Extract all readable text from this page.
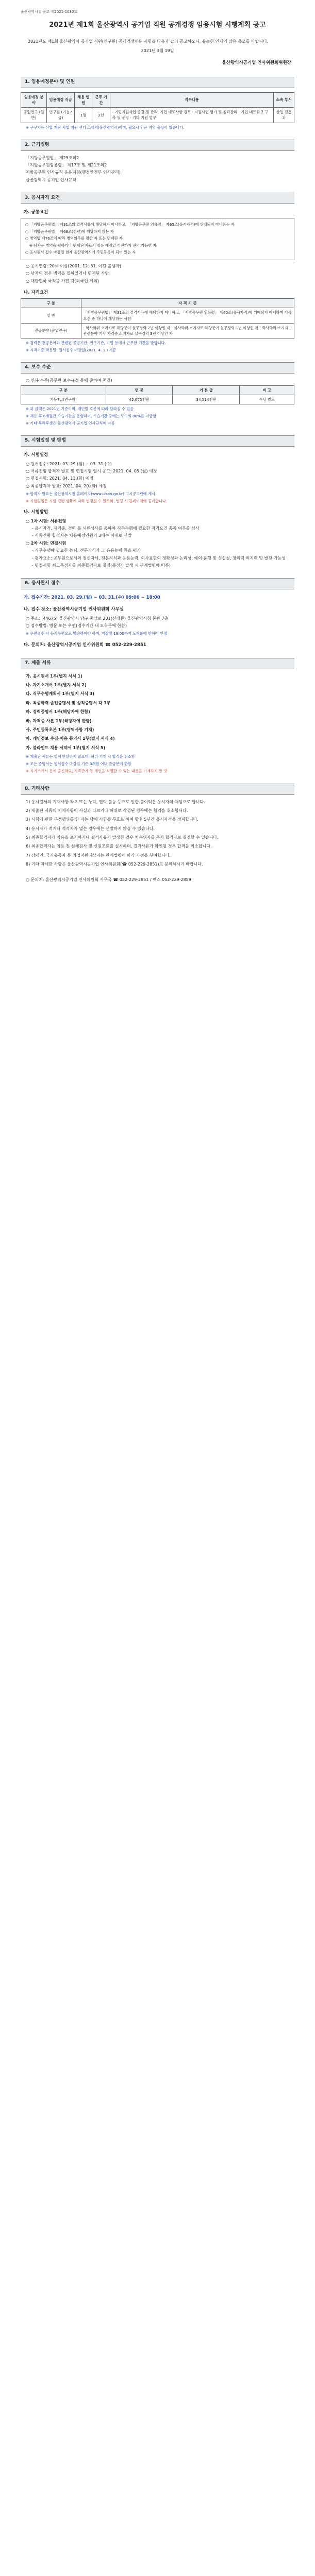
울산광역시청 공고 제2021-1030호
2021년 제1회 울산광역시 공기업 직원 공개경쟁 임용시험 시행계획 공고
2021년도 제1회 울산광역시 공기업 직원(연구원) 공개경쟁채용 시험을 다음과 같이 공고하오니, 유능한 인재의 많은 응모를 바랍니다.
2021년 3월 19일
울산광역시공기업 인사위원회위원장
1. 임용예정분야 및 인원
임용예정 분야	임용예정 직급	채용 인원	근무 기간	직무내용	소속 부서
공업연구 (일반)	연구원 (기능7급)	1명	2년	· 기업지원사업 총괄 및 관리, 기업 애로사항 검토 · 지원사업 평가 및 성과관리 · 기업 네트워크 구축 및 운영 · 기타 지원 업무	산업 진흥과
※ 근무지는 산업 재단 사업 지원 센터 소재지(울산광역시)이며, 필요시 인근 지역 출장이 있습니다.
2. 근거법령
「지방공무원법」 제25조의2
「지방공무원임용령」 제17조 및 제21조의2
지방공무원 인사규칙 운용지침(행정안전부 인사관리)
울산광역시 공기업 인사규칙
3. 응시자격 요건
가. 공통요건

○ 「지방공무원법」 제31조의 결격사유에 해당하지 아니하고, 「지방공무원 임용령」 제65조(응시자격)에 위배되지 아니하는 자

○ 「지방공무원법」 제66조(정년)에 해당하지 않는 자

○ 병역법 제76조에 따라 병역의무를 필한 자 또는 면제된 자

※ 남자는 병역을 필하거나 면제된 자로서 임용 예정일 이전까지 전역 가능한 자

○ 응시원서 접수 마감일 현재 울산광역시에 주민등록이 되어 있는 자

○ 응시연령: 20세 이상(2001. 12. 31. 이전 출생자)
○ 남자의 경우 병역을 필하였거나 면제된 사람
○ 대한민국 국적을 가진 자(외국인 제외)
나. 자격요건
구 분	자 격 기 준
일 반	「지방공무원법」 제31조의 결격사유에 해당하지 아니하고, 「지방공무원 임용령」 제65조(응시자격)에 위배되지 아니하며 다음 요건 중 하나에 해당하는 사람
전공분야 (공업연구)	· 학사학위 소지자로 해당분야 실무경력 2년 이상인 자 · 석사학위 소지자로 해당분야 실무경력 1년 이상인 자 · 박사학위 소지자 · 관련분야 기사 자격증 소지자로 실무경력 3년 이상인 자
※ 경력은 전공분야와 관련된 공공기관, 연구기관, 기업 등에서 근무한 기간을 말합니다.
※ 자격기준 적용일: 원서접수 마감일(2021. 4. 1.) 기준
4. 보수 수준
○ 연봉 수준(공무원 보수규정 등에 준하여 책정)
구 분	연 봉	기 본 급	비 고
기능7급(연구원)	42,675천원	34,514천원	수당 별도
※ 위 금액은 2021년 기준이며, 개인별 호봉에 따라 달라질 수 있음
※ 채용 후 6개월간 수습기간을 운영하며, 수습기간 중에는 보수의 80%를 지급함
※ 기타 복리후생은 울산광역시 공기업 인사규칙에 따름
5. 시험일정 및 방법
가. 시험일정
○ 원서접수: 2021. 03. 29.(월) ~ 03. 31.(수)
○ 서류전형 합격자 발표 및 면접시험 일시 공고: 2021. 04. 05.(월) 예정
○ 면접시험: 2021. 04. 13.(화) 예정
○ 최종합격자 발표: 2021. 04. 20.(화) 예정
※ 합격자 발표는 울산광역시청 홈페이지(www.ulsan.go.kr) 고시공고란에 게시
※ 시험일정은 시험 진행 상황에 따라 변경될 수 있으며, 변경 시 홈페이지에 공지합니다.
나. 시험방법
○ 1차 시험: 서류전형
- 응시자격, 자격증, 경력 등 서류심사를 통하여 직무수행에 필요한 자격요건 충족 여부를 심사
- 서류전형 합격자는 채용예정인원의 3배수 이내로 선발
○ 2차 시험: 면접시험
- 직무수행에 필요한 능력, 전문지식과 그 응용능력 등을 평가
- 평가요소: 공무원으로서의 정신자세, 전문지식과 응용능력, 의사표현의 정확성과 논리성, 예의·품행 및 성실성, 창의력·의지력 및 발전 가능성
- 면접시험 최고득점자를 최종합격자로 결정(동점자 발생 시 관계법령에 따름)
6. 응시원서 접수
가. 접수기간: 2021. 03. 29.(월) ~ 03. 31.(수) 09:00 ~ 18:00
나. 접수 장소: 울산광역시공기업 인사위원회 사무실
○ 주소: (44675) 울산광역시 남구 중앙로 201(신정동) 울산광역시청 본관 7층
○ 접수방법: 방문 또는 우편(접수기간 내 도착분에 한함)
※ 우편접수 시 등기우편으로 발송하여야 하며, 마감일 18:00까지 도착분에 한하여 인정
다. 문의처: 울산광역시공기업 인사위원회 ☎ 052-229-2851
7. 제출 서류
가. 응시원서 1부(별지 서식 1)
나. 자기소개서 1부(별지 서식 2)
다. 직무수행계획서 1부(별지 서식 3)
라. 최종학력 졸업증명서 및 성적증명서 각 1부
마. 경력증명서 1부(해당자에 한함)
바. 자격증 사본 1부(해당자에 한함)
사. 주민등록초본 1부(병역사항 기재)
아. 개인정보 수집·이용 동의서 1부(별지 서식 4)
자. 블라인드 채용 서약서 1부(별지 서식 5)
※ 제출된 서류는 일체 반환하지 않으며, 허위 기재 시 합격을 취소함
※ 모든 증명서는 원서접수 마감일 기준 3개월 이내 발급분에 한함
※ 자기소개서 등에 출신학교, 가족관계 등 개인을 식별할 수 있는 내용을 기재하지 말 것
8. 기타사항
1) 응시원서의 기재사항 착오 또는 누락, 연락 불능 등으로 인한 불이익은 응시자의 책임으로 합니다.
2) 제출된 서류의 기재사항이 사실과 다르거나 허위로 작성된 경우에는 합격을 취소합니다.
3) 시험에 관한 부정행위를 한 자는 당해 시험을 무효로 하며 향후 5년간 응시자격을 정지합니다.
4) 응시자가 적거나 적격자가 없는 경우에는 선발하지 않을 수 있습니다.
5) 최종합격자가 임용을 포기하거나 결격사유가 발생한 경우 차순위자를 추가 합격자로 결정할 수 있습니다.
6) 최종합격자는 임용 전 신체검사 및 신원조회를 실시하며, 결격사유가 확인될 경우 합격을 취소합니다.
7) 장애인, 국가유공자 등 취업지원대상자는 관계법령에 따라 가점을 부여합니다.
8) 기타 자세한 사항은 울산광역시공기업 인사위원회(☎ 052-229-2851)로 문의하시기 바랍니다.
○ 문의처: 울산광역시공기업 인사위원회 사무국 ☎ 052-229-2851 / 팩스 052-229-2859
